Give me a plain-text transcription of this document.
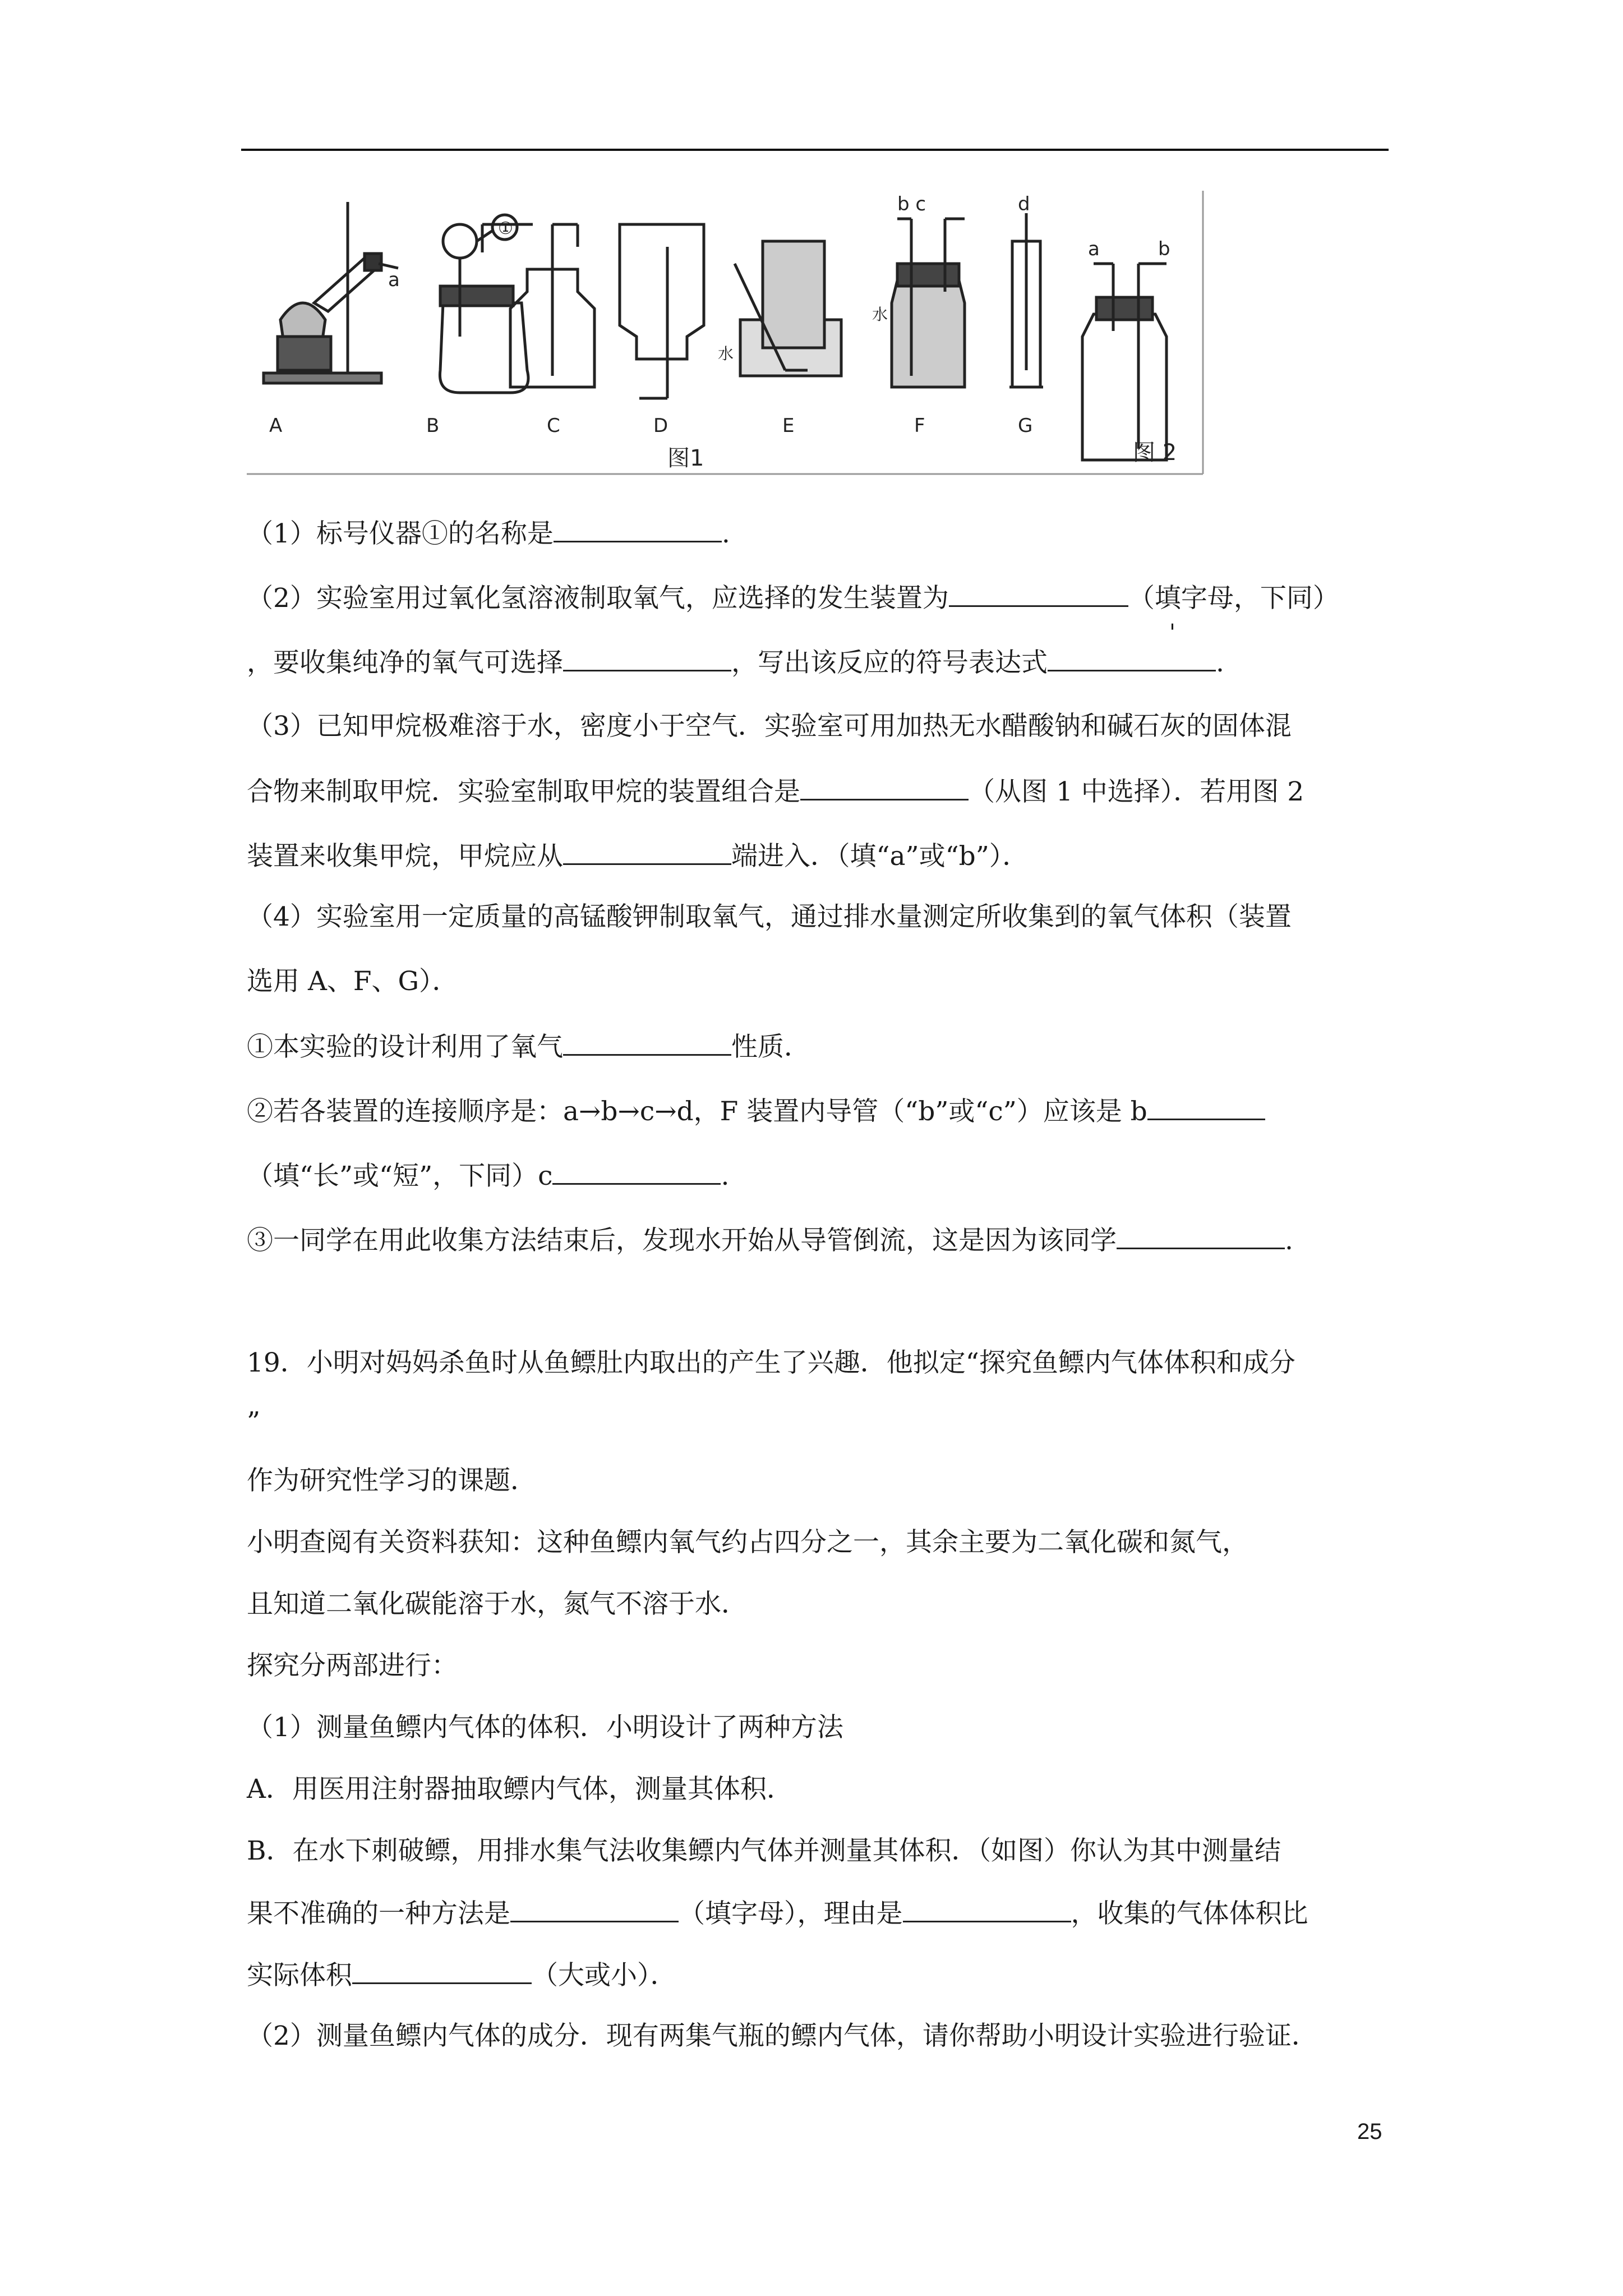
A	B	C	D	E	F	G
图1	图 2
a
①
b c	d
a	b
水
水
（1）标号仪器①的名称是	.
（2）实验室用过氧化氢溶液制取氧气，应选择的发生装置为	（填字母，下同）
'
，要收集纯净的氧气可选择	，写出该反应的符号表达式	.
（3）已知甲烷极难溶于水，密度小于空气．实验室可用加热无水醋酸钠和碱石灰的固体混
合物来制取甲烷．实验室制取甲烷的装置组合是	（从图 1 中选择）．若用图 2
装置来收集甲烷，甲烷应从	端进入．（填“a”或“b”）．
（4）实验室用一定质量的高锰酸钾制取氧气，通过排水量测定所收集到的氧气体积（装置
选用 A、F、G）．
①本实验的设计利用了氧气	性质．
②若各装置的连接顺序是：a→b→c→d，F 装置内导管（“b”或“c”）应该是 b
（填“长”或“短”，下同）c	.
③一同学在用此收集方法结束后，发现水开始从导管倒流，这是因为该同学	.
19．小明对妈妈杀鱼时从鱼鳔肚内取出的产生了兴趣．他拟定“探究鱼鳔内气体体积和成分
”
作为研究性学习的课题．
小明查阅有关资料获知：这种鱼鳔内氧气约占四分之一，其余主要为二氧化碳和氮气，
且知道二氧化碳能溶于水，氮气不溶于水．
探究分两部进行：
（1）测量鱼鳔内气体的体积．小明设计了两种方法
A．用医用注射器抽取鳔内气体，测量其体积．
B．在水下刺破鳔，用排水集气法收集鳔内气体并测量其体积．（如图）你认为其中测量结
果不准确的一种方法是	（填字母），理由是	，收集的气体体积比
实际体积	（大或小）．
（2）测量鱼鳔内气体的成分．现有两集气瓶的鳔内气体，请你帮助小明设计实验进行验证．
25
